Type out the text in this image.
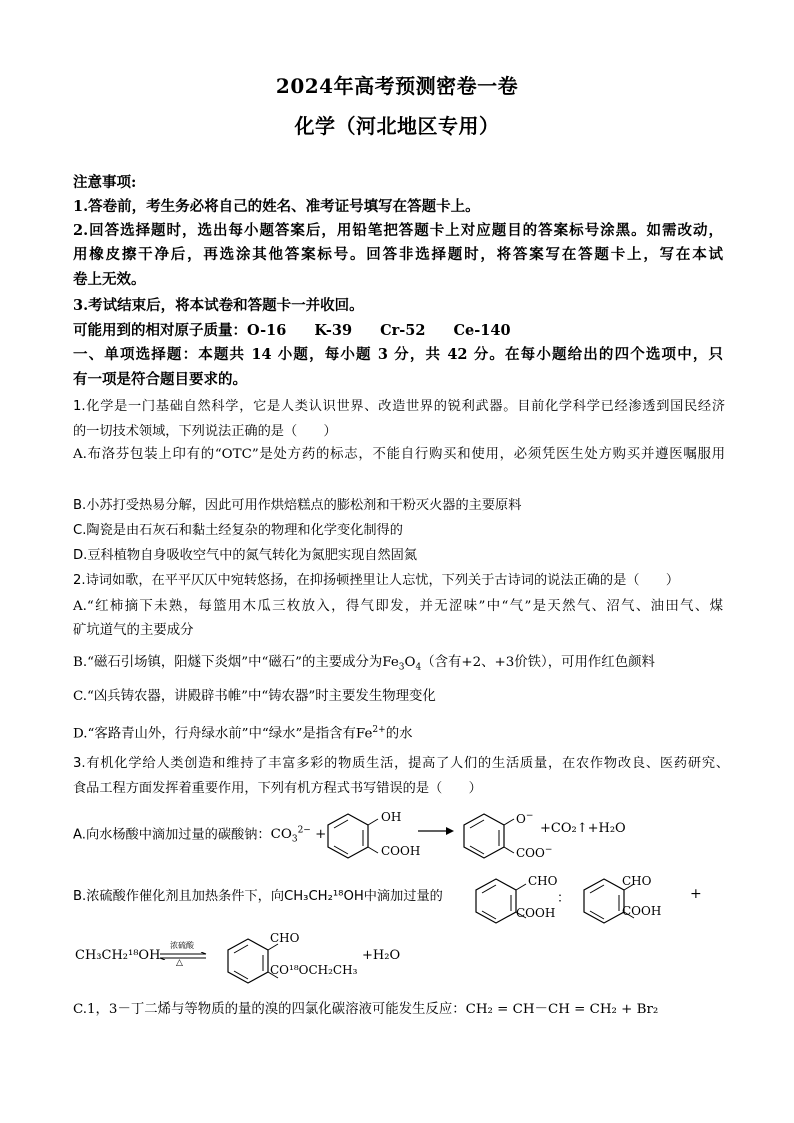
2024年高考预测密卷一卷
化学（河北地区专用）
注意事项:
1.答卷前，考生务必将自己的姓名、准考证号填写在答题卡上。
2.回答选择题时，选出每小题答案后，用铅笔把答题卡上对应题目的答案标号涂黑。如需改动，
用橡皮擦干净后，再选涂其他答案标号。回答非选择题时，将答案写在答题卡上，写在本试
卷上无效。
3.考试结束后，将本试卷和答题卡一并收回。
可能用到的相对原子质量：O-16 K-39 Cr-52 Ce-140
一、单项选择题：本题共 14 小题，每小题 3 分，共 42 分。在每小题给出的四个选项中，只
有一项是符合题目要求的。
1.化学是一门基础自然科学，它是人类认识世界、改造世界的锐利武器。目前化学科学已经渗透到国民经济
的一切技术领域，下列说法正确的是（　　）
A.布洛芬包装上印有的“OTC”是处方药的标志，不能自行购买和使用，必须凭医生处方购买并遵医嘱服用
B.小苏打受热易分解，因此可用作烘焙糕点的膨松剂和干粉灭火器的主要原料
C.陶瓷是由石灰石和黏土经复杂的物理和化学变化制得的
D.豆科植物自身吸收空气中的氮气转化为氮肥实现自然固氮
2.诗词如歌，在平平仄仄中宛转悠扬，在抑扬顿挫里让人忘忧，下列关于古诗词的说法正确的是（　　）
A.“红柿摘下未熟，每篮用木瓜三枚放入，得气即发，并无涩味”中“气”是天然气、沼气、油田气、煤
矿坑道气的主要成分
B.“磁石引场镇，阳燧下炎烟”中“磁石”的主要成分为$Fe_3O_4$（含有+2、+3价铁），可用作红色颜料
C.“凶兵铸农器，讲殿辟书帷”中“铸农器”时主要发生物理变化
D.“客路青山外，行舟绿水前”中“绿水”是指含有$Fe^{2+}$的水
3.有机化学给人类创造和维持了丰富多彩的物质生活，提高了人们的生活质量，在农作物改良、医药研究、
食品工程方面发挥着重要作用，下列有机方程式书写错误的是（　　）
A.向水杨酸中滴加过量的碳酸钠：$CO_3^{2-}$ +
OH
COOH
O−
COO−
+CO₂↑+H₂O
B.浓硫酸作催化剂且加热条件下，向CH₃CH₂¹⁸OH中滴加过量的
CHO
COOH
：
CHO
COOH
+
CH₃CH₂¹⁸OH
浓硫酸
△
CHO
CO¹⁸OCH₂CH₃
+H₂O
C.1，3－丁二烯与等物质的量的溴的四氯化碳溶液可能发生反应：CH₂ = CH－CH = CH₂ + Br₂
